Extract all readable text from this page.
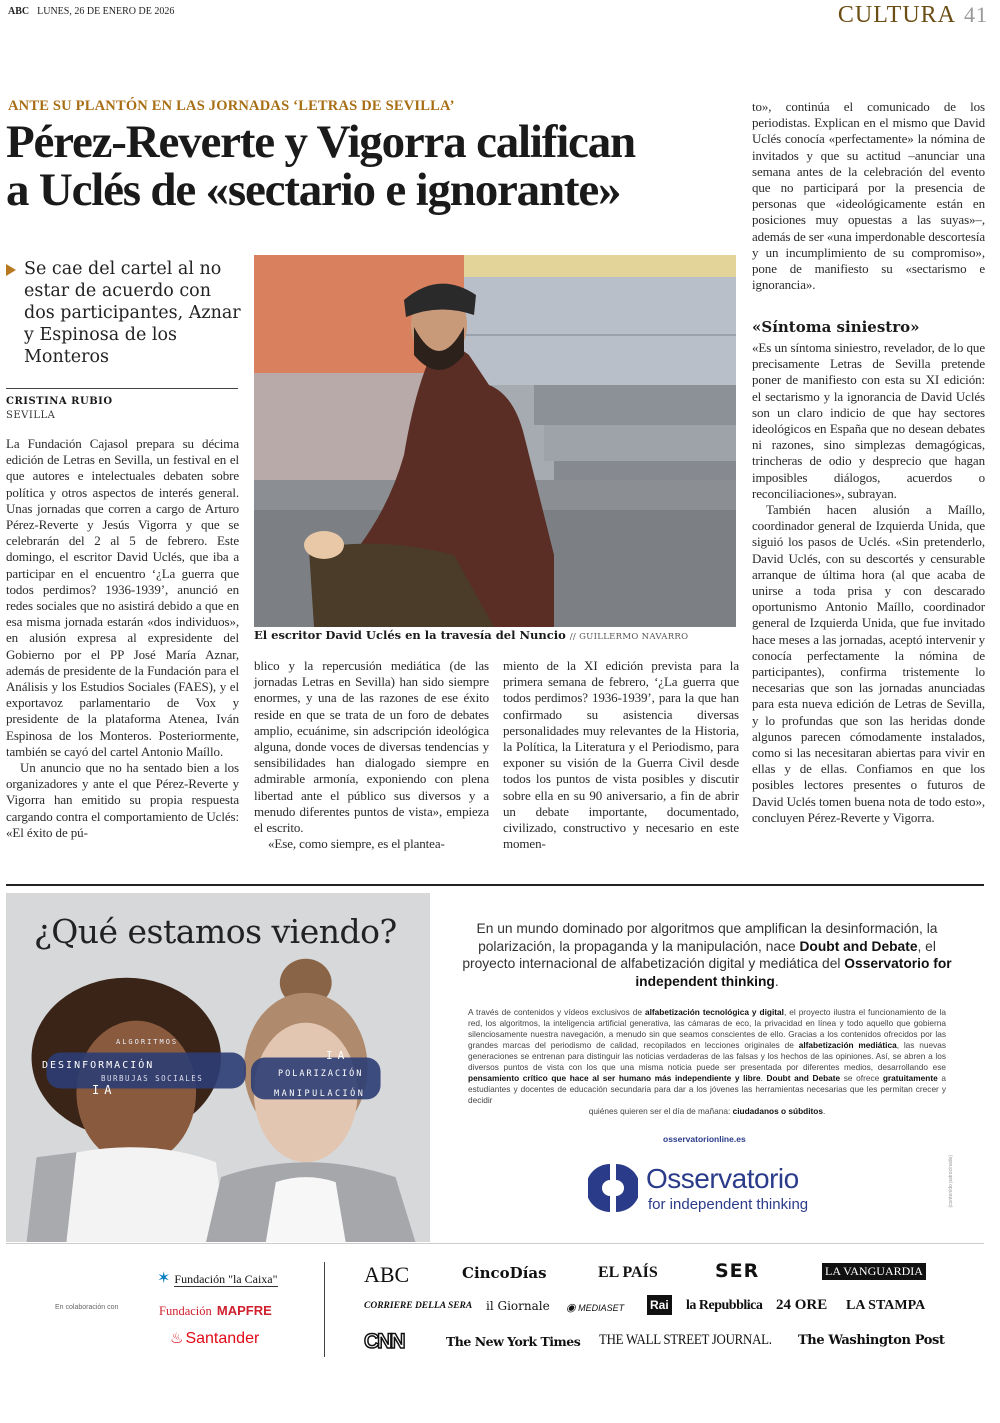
ABC LUNES, 26 DE ENERO DE 2026	CULTURA 41
ANTE SU PLANTÓN EN LAS JORNADAS ‘LETRAS DE SEVILLA’
Pérez-Reverte y Vigorra califican
a Uclés de «sectario e ignorante»

Se cae del cartel al no estar de acuerdo con dos participantes, Aznar y Espinosa de los Monteros

CRISTINA RUBIO
SEVILLA

La Fundación Cajasol prepara su décima edición de Letras en Sevilla, un festival en el que autores e intelectuales debaten sobre política y otros aspectos de interés general. Unas jornadas que corren a cargo de Arturo Pérez-Reverte y Jesús Vigorra y que se celebrarán del 2 al 5 de febrero. Este domingo, el escritor David Uclés, que iba a participar en el encuentro ‘¿La guerra que todos perdimos? 1936-1939’, anunció en redes sociales que no asistirá debido a que en esa misma jornada estarán «dos individuos», en alusión expresa al expresidente del Gobierno por el PP José María Aznar, además de presidente de la Fundación para el Análisis y los Estudios Sociales (FAES), y el exportavoz parlamentario de Vox y presidente de la plataforma Atenea, Iván Espinosa de los Monteros. Posteriormente, también se cayó del cartel Antonio Maíllo.

Un anuncio que no ha sentado bien a los organizadores y ante el que Pérez-Reverte y Vigorra han emitido su propia respuesta cargando contra el comportamiento de Uclés: «El éxito de pú-

El escritor David Uclés en la travesía del Nuncio // GUILLERMO NAVARRO

blico y la repercusión mediática (de las jornadas Letras en Sevilla) han sido siempre enormes, y una de las razones de ese éxito reside en que se trata de un foro de debates amplio, ecuánime, sin adscripción ideológica alguna, donde voces de diversas tendencias y sensibilidades han dialogado siempre en admirable armonía, exponiendo con plena libertad ante el público sus diversos y a menudo diferentes puntos de vista», empieza el escrito.

«Ese, como siempre, es el plantea-

miento de la XI edición prevista para la primera semana de febrero, ‘¿La guerra que todos perdimos? 1936-1939’, para la que han confirmado su asistencia diversas personalidades muy relevantes de la Historia, la Política, la Literatura y el Periodismo, para exponer su visión de la Guerra Civil desde todos los puntos de vista posibles y discutir sobre ella en su 90 aniversario, a fin de abrir un debate importante, documentado, civilizado, constructivo y necesario en este momen-

to», continúa el comunicado de los periodistas. Explican en el mismo que David Uclés conocía «perfectamente» la nómina de invitados y que su actitud –anunciar una semana antes de la celebración del evento que no participará por la presencia de personas que «ideológicamente están en posiciones muy opuestas a las suyas»–, además de ser «una imperdonable descortesía y un incumplimiento de su compromiso», pone de manifiesto su «sectarismo e ignorancia».

«Síntoma siniestro»

«Es un síntoma siniestro, revelador, de lo que precisamente Letras de Sevilla pretende poner de manifiesto con esta su XI edición: el sectarismo y la ignorancia de David Uclés son un claro indicio de que hay sectores ideológicos en España que no desean debates ni razones, sino simplezas demagógicas, trincheras de odio y desprecio que hagan imposibles diálogos, acuerdos o reconciliaciones», subrayan.

También hacen alusión a Maíllo, coordinador general de Izquierda Unida, que siguió los pasos de Uclés. «Sin pretenderlo, David Uclés, con su descortés y censurable arranque de última hora (al que acaba de unirse a toda prisa y con descarado oportunismo Antonio Maíllo, coordinador general de Izquierda Unida, que fue invitado hace meses a las jornadas, aceptó intervenir y conocía perfectamente la nómina de participantes), confirma tristemente lo necesarias que son las jornadas anunciadas para esta nueva edición de Letras de Sevilla, y lo profundas que son las heridas donde algunos parecen cómodamente instalados, como si las necesitaran abiertas para vivir en ellas y de ellas. Confiamos en que los posibles lectores presentes o futuros de David Uclés tomen buena nota de todo esto», concluyen Pérez-Reverte y Vigorra.

ALGORITMOS
DESINFORMACIÓN
BURBUJAS SOCIALES
IA
IA
POLARIZACIÓN
MANIPULACIÓN
¿Qué estamos viendo?	En un mundo dominado por algoritmos que amplifican la desinformación, la polarización, la propaganda y la manipulación, nace Doubt and Debate, el proyecto internacional de alfabetización digital y mediática del Osservatorio for independent thinking.
A través de contenidos y vídeos exclusivos de alfabetización tecnológica y digital, el proyecto ilustra el funcionamiento de la red, los algoritmos, la inteligencia artificial generativa, las cámaras de eco, la privacidad en línea y todo aquello que gobierna silenciosamente nuestra navegación, a menudo sin que seamos conscientes de ello. Gracias a los contenidos ofrecidos por las grandes marcas del periodismo de calidad, recopilados en lecciones originales de alfabetización mediática, las nuevas generaciones se entrenan para distinguir las noticias verdaderas de las falsas y los hechos de las opiniones. Así, se abren a los diversos puntos de vista con los que una misma noticia puede ser presentada por diferentes medios, desarrollando ese pensamiento crítico que hace al ser humano más independiente y libre. Doubt and Debate se ofrece gratuitamente a estudiantes y docentes de educación secundaria para dar a los jóvenes las herramientas necesarias que les permitan crecer y decidir
quiénes quieren ser el día de mañana: ciudadanos o súbditos.
osservatorionline.es
Osservatorio
for independent thinking	(contenido patrocinado)
En colaboración con
✶ Fundación "la Caixa"
Fundación MAPFRE
♨ Santander
ABC	CincoDías	EL PAÍS	SER	LA VANGUARDIA
CORRIERE DELLA SERA il Giornale ◉ MEDIASET Rai la Repubblica 24 ORE LA STAMPA
CNN	The New York Times THE WALL STREET JOURNAL. The Washington Post
